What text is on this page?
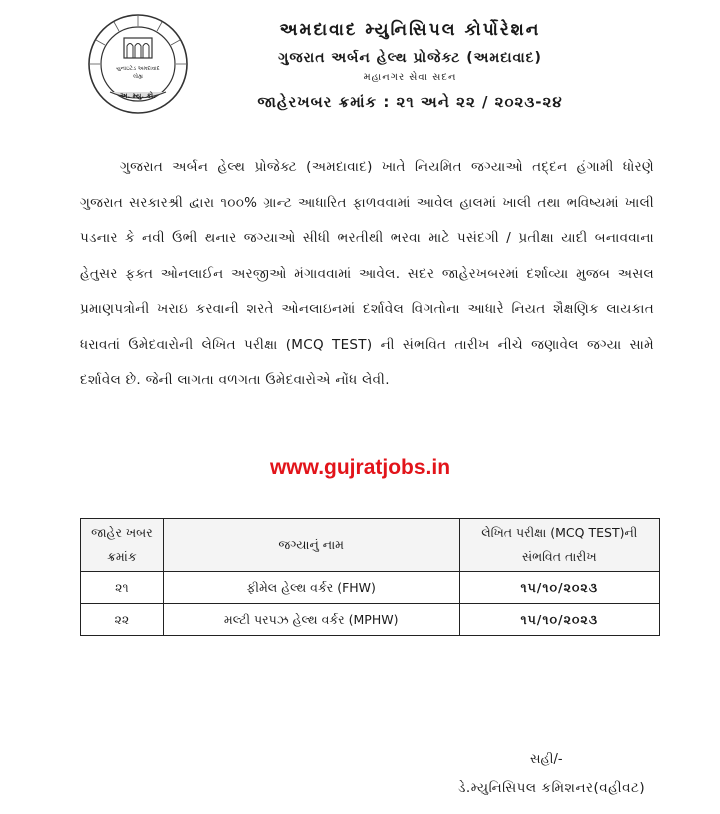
યુનાઇટેડ અમદાવાદ
લોહ્ય
અ. મ્યુ. કો.
અમદાવાદ મ્યુનિસિપલ કોર્પોરેશન
ગુજરાત અર્બન હેલ્થ પ્રોજેક્ટ (અમદાવાદ)
મહાનગર સેવા સદન
જાહેરખબર ક્રમાંક : ૨૧ અને ૨૨ / ૨૦૨૩-૨૪
ગુજરાત અર્બન હેલ્થ પ્રોજેક્ટ (અમદાવાદ) ખાતે નિયમિત જગ્યાઓ તદ્દન હંગામી ધોરણે ગુજરાત સરકારશ્રી દ્વારા ૧૦૦% ગ્રાન્ટ આધારિત ફાળવવામાં આવેલ હાલમાં ખાલી તથા ભવિષ્યમાં ખાલી પડનાર કે નવી ઉભી થનાર જગ્યાઓ સીધી ભરતીથી ભરવા માટે પસંદગી / પ્રતીક્ષા યાદી બનાવવાના હેતુસર ફક્ત ઓનલાઈન અરજીઓ મંગાવવામાં આવેલ. સદર જાહેરખબરમાં દર્શાવ્યા મુજબ અસલ પ્રમાણપત્રોની ખરાઇ કરવાની શરતે ઓનલાઇનમાં દર્શાવેલ વિગતોના આધારે નિયત શૈક્ષણિક લાયકાત ધરાવતાં ઉમેદવારોની લેખિત પરીક્ષા (MCQ TEST) ની સંભવિત તારીખ નીચે જણાવેલ જગ્યા સામે દર્શાવેલ છે. જેની લાગતા વળગતા ઉમેદવારોએ નોંધ લેવી.
www.gujratjobs.in
જાહેર ખબર
ક્રમાંક	જગ્યાનું નામ	લેખિત પરીક્ષા (MCQ TEST)ની
સંભવિત તારીખ

૨૧	ફીમેલ હેલ્થ વર્કર (FHW)	૧૫/૧૦/૨૦૨૩
૨૨	મલ્ટી પરપઝ હેલ્થ વર્કર (MPHW)	૧૫/૧૦/૨૦૨૩
સહી/-
ડે.મ્યુનિસિપલ કમિશનર(વહીવટ)
